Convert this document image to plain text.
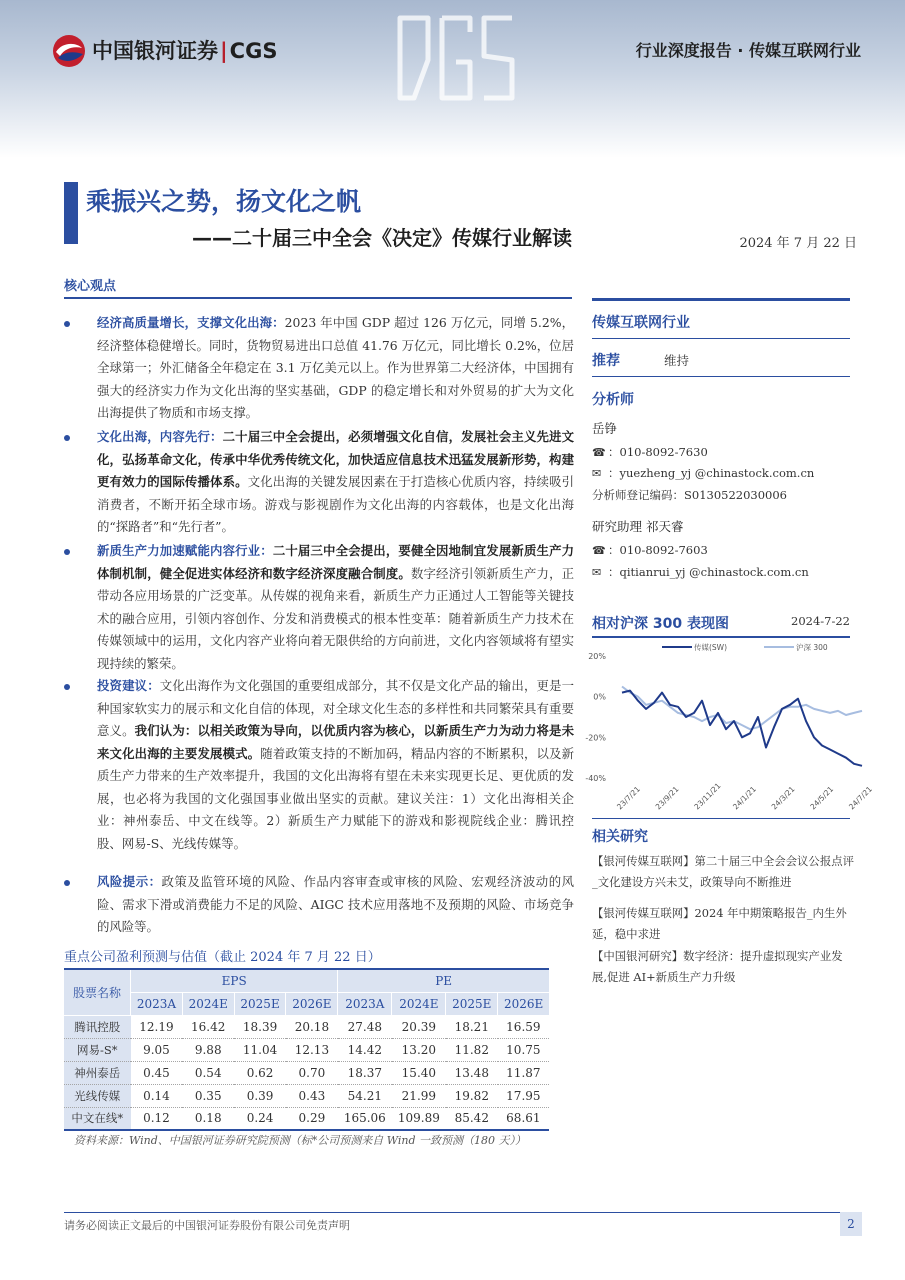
中国银河证券|CGS	行业深度报告 · 传媒互联网行业
乘振兴之势，扬文化之帆
——二十届三中全会《决定》传媒行业解读	2024 年 7 月 22 日
核心观点
经济高质量增长，支撑文化出海：2023 年中国 GDP 超过 126 万亿元，同增 5.2%，经济整体稳健增长。同时，货物贸易进出口总值 41.76 万亿元，同比增长 0.2%，位居全球第一；外汇储备全年稳定在 3.1 万亿美元以上。作为世界第二大经济体，中国拥有强大的经济实力作为文化出海的坚实基础，GDP 的稳定增长和对外贸易的扩大为文化出海提供了物质和市场支撑。
文化出海，内容先行：二十届三中全会提出，必须增强文化自信，发展社会主义先进文化，弘扬革命文化，传承中华优秀传统文化，加快适应信息技术迅猛发展新形势，构建更有效力的国际传播体系。文化出海的关键发展因素在于打造核心优质内容，持续吸引消费者，不断开拓全球市场。游戏与影视剧作为文化出海的内容载体，也是文化出海的“探路者”和“先行者”。
新质生产力加速赋能内容行业：二十届三中全会提出，要健全因地制宜发展新质生产力体制机制，健全促进实体经济和数字经济深度融合制度。数字经济引领新质生产力，正带动各应用场景的广泛变革。从传媒的视角来看，新质生产力正通过人工智能等关键技术的融合应用，引领内容创作、分发和消费模式的根本性变革：随着新质生产力技术在传媒领域中的运用，文化内容产业将向着无限供给的方向前进，文化内容领域将有望实现持续的繁荣。
投资建议：文化出海作为文化强国的重要组成部分，其不仅是文化产品的输出，更是一种国家软实力的展示和文化自信的体现，对全球文化生态的多样性和共同繁荣具有重要意义。我们认为：以相关政策为导向，以优质内容为核心，以新质生产力为动力将是未来文化出海的主要发展模式。随着政策支持的不断加码，精品内容的不断累积，以及新质生产力带来的生产效率提升，我国的文化出海将有望在未来实现更长足、更优质的发展，也必将为我国的文化强国事业做出坚实的贡献。建议关注：1）文化出海相关企业：神州泰岳、中文在线等。2）新质生产力赋能下的游戏和影视院线企业：腾讯控股、网易-S、光线传媒等。
风险提示：政策及监管环境的风险、作品内容审查或审核的风险、宏观经济波动的风险、需求下滑或消费能力不足的风险、AIGC 技术应用落地不及预期的风险、市场竞争的风险等。
重点公司盈利预测与估值（截止 2024 年 7 月 22 日）
股票名称	EPS				PE			
	2023A	2024E	2025E	2026E	2023A	2024E	2025E	2026E
腾讯控股	12.19	16.42	18.39	20.18	27.48	20.39	18.21	16.59
网易-S*	9.05	9.88	11.04	12.13	14.42	13.20	11.82	10.75
神州泰岳	0.45	0.54	0.62	0.70	18.37	15.40	13.48	11.87
光线传媒	0.14	0.35	0.39	0.43	54.21	21.99	19.82	17.95
中文在线*	0.12	0.18	0.24	0.29	165.06	109.89	85.42	68.61
资料来源：Wind、中国银河证券研究院预测（标*公司预测来自 Wind 一致预测（180 天））
传媒互联网行业
推荐	维持
分析师
岳铮
☎ ：010-8092-7630
✉ ：yuezheng_yj @chinastock.com.cn
分析师登记编码：S0130522030006
研究助理 祁天睿
☎ ：010-8092-7603
✉ ：qitianrui_yj @chinastock.com.cn
相对沪深 300 表现图	2024-7-22
20%
0%
-20%
-40%
传媒(SW)	沪深 300
23/7/21 23/9/21 23/11/21 24/1/21 24/3/21 24/5/21 24/7/21
相关研究
【银河传媒互联网】第二十届三中全会会议公报点评_文化建设方兴未艾，政策导向不断推进
【银河传媒互联网】2024 年中期策略报告_内生外延，稳中求进
【中国银河研究】数字经济：提升虚拟现实产业发展,促进 AI+新质生产力升级
请务必阅读正文最后的中国银河证券股份有限公司免责声明	2
